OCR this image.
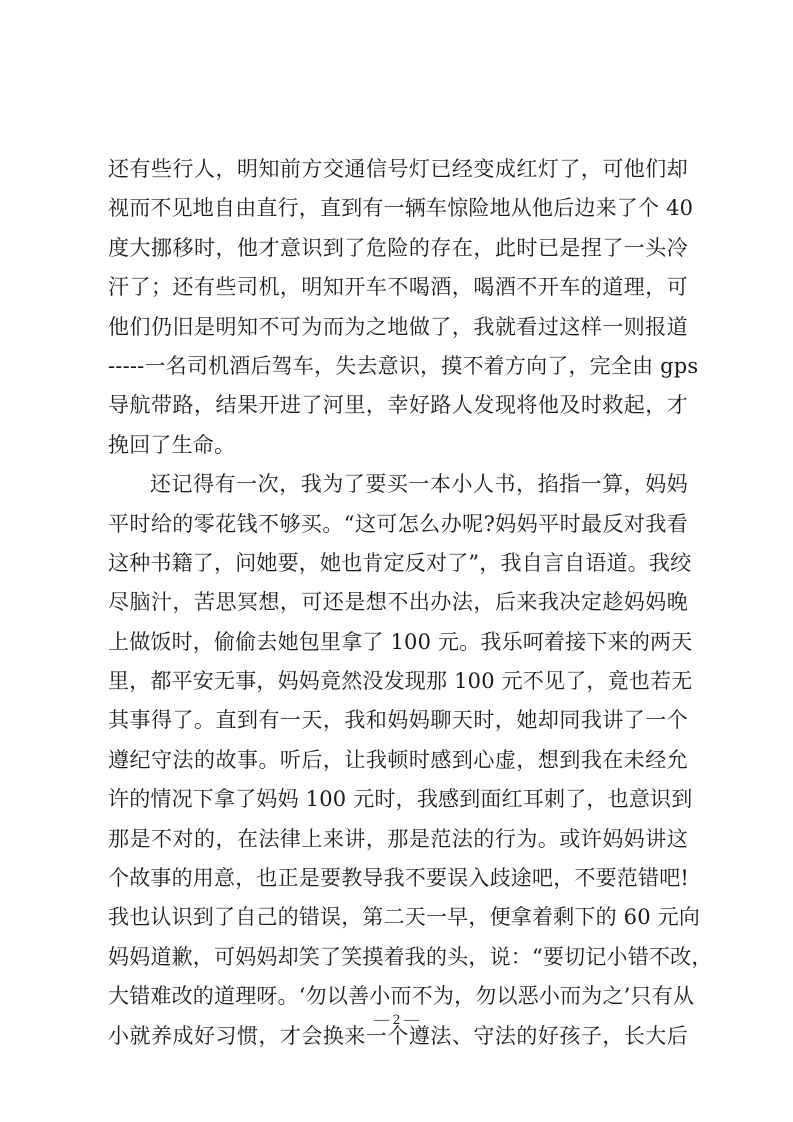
还有些行人，明知前方交通信号灯已经变成红灯了，可他们却
视而不见地自由直行，直到有一辆车惊险地从他后边来了个 40
度大挪移时，他才意识到了危险的存在，此时已是捏了一头冷
汗了；还有些司机，明知开车不喝酒，喝酒不开车的道理，可
他们仍旧是明知不可为而为之地做了，我就看过这样一则报道
-----一名司机酒后驾车，失去意识，摸不着方向了，完全由 gps
导航带路，结果开进了河里，幸好路人发现将他及时救起，才
挽回了生命。
还记得有一次，我为了要买一本小人书，掐指一算，妈妈
平时给的零花钱不够买。“这可怎么办呢?妈妈平时最反对我看
这种书籍了，问她要，她也肯定反对了”，我自言自语道。我绞
尽脑汁，苦思冥想，可还是想不出办法，后来我决定趁妈妈晚
上做饭时，偷偷去她包里拿了 100 元。我乐呵着接下来的两天
里，都平安无事，妈妈竟然没发现那 100 元不见了，竟也若无
其事得了。直到有一天，我和妈妈聊天时，她却同我讲了一个
遵纪守法的故事。听后，让我顿时感到心虚，想到我在未经允
许的情况下拿了妈妈 100 元时，我感到面红耳刺了，也意识到
那是不对的，在法律上来讲，那是范法的行为。或许妈妈讲这
个故事的用意，也正是要教导我不要误入歧途吧，不要范错吧!
我也认识到了自己的错误，第二天一早，便拿着剩下的 60 元向
妈妈道歉，可妈妈却笑了笑摸着我的头，说：“要切记小错不改，
大错难改的道理呀。‘勿以善小而不为，勿以恶小而为之’只有从
小就养成好习惯，才会换来一个遵法、守法的好孩子，长大后
— 2 —
